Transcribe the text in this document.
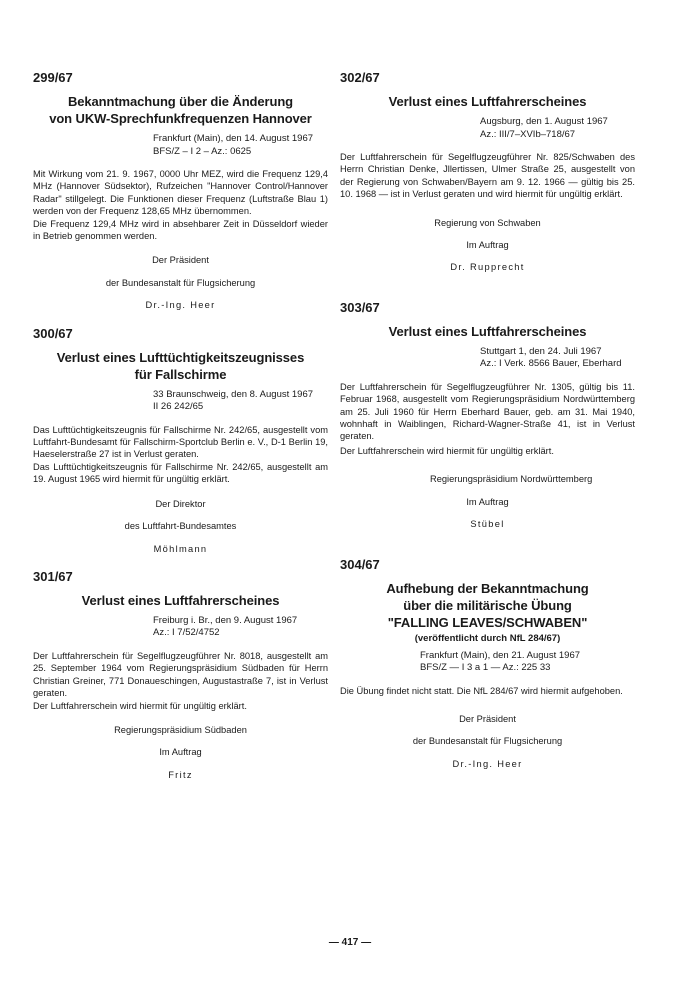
299/67
Bekanntmachung über die Änderung
von UKW-Sprechfunkfrequenzen Hannover
Frankfurt (Main), den 14. August 1967
BFS/Z – I 2 – Az.: 0625

Mit Wirkung vom 21. 9. 1967, 0000 Uhr MEZ, wird die Frequenz 129,4 MHz (Hannover Südsektor), Rufzeichen "Hannover Control/Hannover Radar" stillgelegt. Die Funktionen dieser Frequenz (Luftstraße Blau 1) werden von der Frequenz 128,65 MHz übernommen.

Die Frequenz 129,4 MHz wird in absehbarer Zeit in Düsseldorf wieder in Betrieb genommen werden.

Der Präsident
der Bundesanstalt für Flugsicherung
Dr.-Ing. Heer
300/67
Verlust eines Lufttüchtigkeitszeugnisses
für Fallschirme
33 Braunschweig, den 8. August 1967
II 26 242/65

Das Lufttüchtigkeitszeugnis für Fallschirme Nr. 242/65, ausgestellt vom Luftfahrt-Bundesamt für Fallschirm-Sportclub Berlin e. V., D-1 Berlin 19, Haeselerstraße 27 ist in Verlust geraten.

Das Lufttüchtigkeitszeugnis für Fallschirme Nr. 242/65, ausgestellt am 19. August 1965 wird hiermit für ungültig erklärt.

Der Direktor
des Luftfahrt-Bundesamtes
Möhlmann
301/67
Verlust eines Luftfahrerscheines
Freiburg i. Br., den 9. August 1967
Az.: I 7/52/4752

Der Luftfahrerschein für Segelflugzeugführer Nr. 8018, ausgestellt am 25. September 1964 vom Regierungspräsidium Südbaden für Herrn Christian Greiner, 771 Donaueschingen, Augustastraße 7, ist in Verlust geraten.

Der Luftfahrerschein wird hiermit für ungültig erklärt.

Regierungspräsidium Südbaden
Im Auftrag
Fritz
302/67
Verlust eines Luftfahrerscheines
Augsburg, den 1. August 1967
Az.: III/7–XVIb–718/67

Der Luftfahrerschein für Segelflugzeugführer Nr. 825/Schwaben des Herrn Christian Denke, Jllertissen, Ulmer Straße 25, ausgestellt von der Regierung von Schwaben/Bayern am 9. 12. 1966 — gültig bis 25. 10. 1968 — ist in Verlust geraten und wird hiermit für ungültig erklärt.

Regierung von Schwaben
Im Auftrag
Dr. Rupprecht
303/67
Verlust eines Luftfahrerscheines
Stuttgart 1, den 24. Juli 1967
Az.: I Verk. 8566 Bauer, Eberhard

Der Luftfahrerschein für Segelflugzeugführer Nr. 1305, gültig bis 11. Februar 1968, ausgestellt vom Regierungspräsidium Nordwürttemberg am 25. Juli 1960 für Herrn Eberhard Bauer, geb. am 31. Mai 1940, wohnhaft in Waiblingen, Richard-Wagner-Straße 41, ist in Verlust geraten.

Der Luftfahrerschein wird hiermit für ungültig erklärt.

Regierungspräsidium Nordwürttemberg
Im Auftrag
Stübel
304/67
Aufhebung der Bekanntmachung
über die militärische Übung
"FALLING LEAVES/SCHWABEN"
(veröffentlicht durch NfL 284/67)
Frankfurt (Main), den 21. August 1967
BFS/Z — I 3 a 1 — Az.: 225 33

Die Übung findet nicht statt. Die NfL 284/67 wird hiermit aufgehoben.

Der Präsident
der Bundesanstalt für Flugsicherung
Dr.-Ing. Heer
— 417 —
